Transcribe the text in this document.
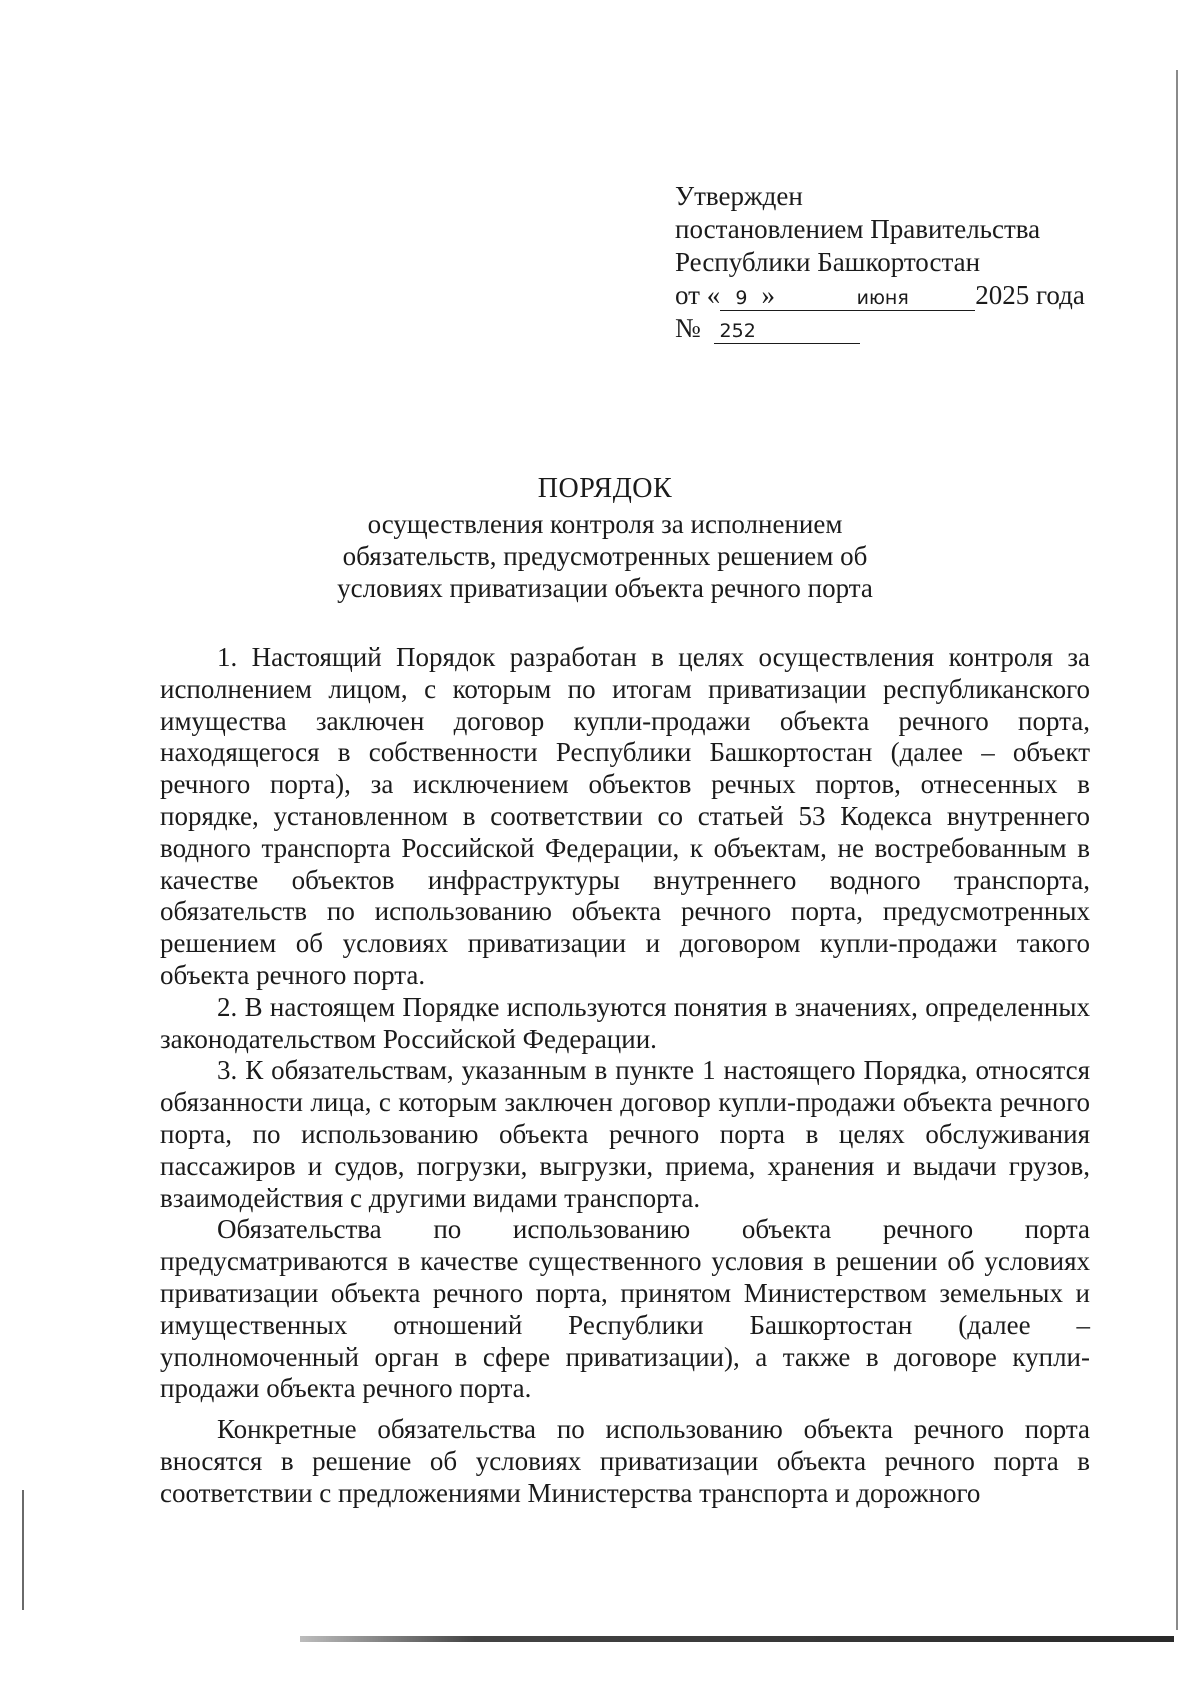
Утвержден
постановлением Правительства
Республики Башкортостан
от « 9 »	июня 2025 года
№ 252
ПОРЯДОК
осуществления контроля за исполнением обязательств, предусмотренных решением об условиях приватизации объекта речного порта

1. Настоящий Порядок разработан в целях осуществления контроля за исполнением лицом, с которым по итогам приватизации республиканского имущества заключен договор купли-продажи объекта речного порта, находящегося в собственности Республики Башкортостан (далее – объект речного порта), за исключением объектов речных портов, отнесенных в порядке, установленном в соответствии со статьей 53 Кодекса внутреннего водного транспорта Российской Федерации, к объектам, не востребованным в качестве объектов инфраструктуры внутреннего водного транспорта, обязательств по использованию объекта речного порта, предусмотренных решением об условиях приватизации и договором купли-продажи такого объекта речного порта.

2. В настоящем Порядке используются понятия в значениях, определенных законодательством Российской Федерации.

3. К обязательствам, указанным в пункте 1 настоящего Порядка, относятся обязанности лица, с которым заключен договор купли-продажи объекта речного порта, по использованию объекта речного порта в целях обслуживания пассажиров и судов, погрузки, выгрузки, приема, хранения и выдачи грузов, взаимодействия с другими видами транспорта.

Обязательства по использованию объекта речного порта предусматриваются в качестве существенного условия в решении об условиях приватизации объекта речного порта, принятом Министерством земельных и имущественных отношений Республики Башкортостан (далее – уполномоченный орган в сфере приватизации), а также в договоре купли-продажи объекта речного порта.

Конкретные обязательства по использованию объекта речного порта вносятся в решение об условиях приватизации объекта речного порта в соответствии с предложениями Министерства транспорта и дорожного
